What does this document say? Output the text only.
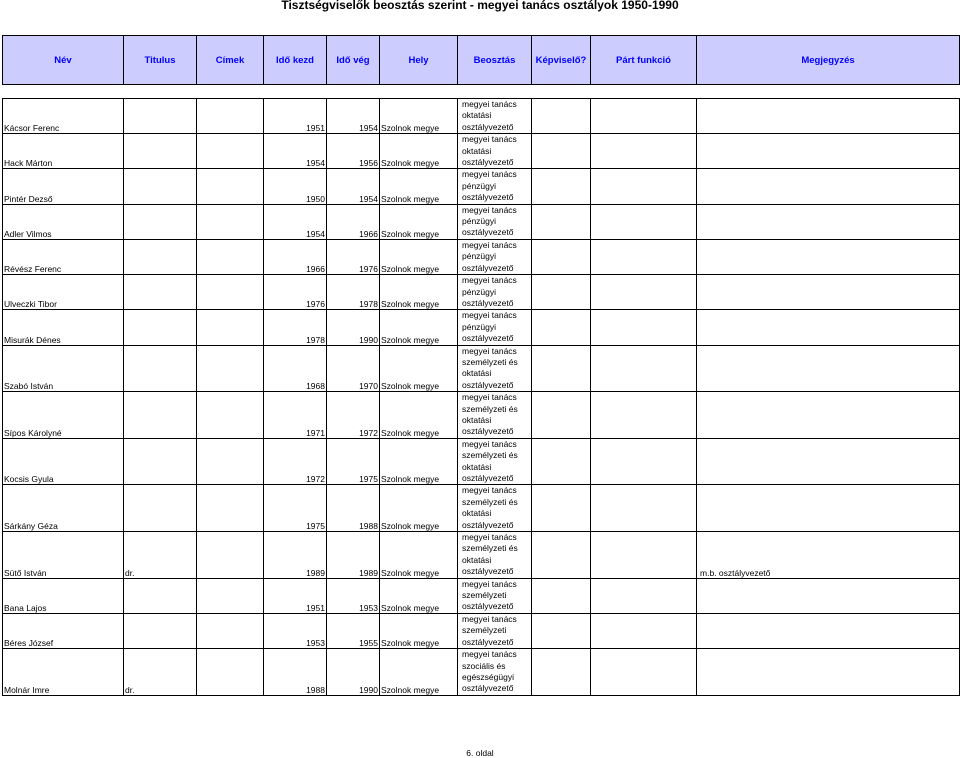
Tisztségviselők beosztás szerint - megyei tanács osztályok 1950-1990
Név	Titulus	Címek	Idő kezd	Idő vég	Hely	Beosztás	Képviselő?	Párt funkció	Megjegyzés

Kácsor Ferenc			1951	1954	Szolnok megye	megyei tanács
oktatási
osztályvezető			

Hack Márton			1954	1956	Szolnok megye	megyei tanács
oktatási
osztályvezető			

Pintér Dezső			1950	1954	Szolnok megye	megyei tanács
pénzügyi
osztályvezető			

Adler Vilmos			1954	1966	Szolnok megye	megyei tanács
pénzügyi
osztályvezető			

Révész Ferenc			1966	1976	Szolnok megye	megyei tanács
pénzügyi
osztályvezető			

Ulveczki Tibor			1976	1978	Szolnok megye	megyei tanács
pénzügyi
osztályvezető			

Misurák Dénes			1978	1990	Szolnok megye	megyei tanács
pénzügyi
osztályvezető			

Szabó István			1968	1970	Szolnok megye	megyei tanács
személyzeti és
oktatási
osztályvezető			

Sípos Károlyné			1971	1972	Szolnok megye	megyei tanács
személyzeti és
oktatási
osztályvezető			

Kocsis Gyula			1972	1975	Szolnok megye	megyei tanács
személyzeti és
oktatási
osztályvezető			

Sárkány Géza			1975	1988	Szolnok megye	megyei tanács
személyzeti és
oktatási
osztályvezető			

Sütő István	dr.		1989	1989	Szolnok megye	megyei tanács
személyzeti és
oktatási
osztályvezető			m.b. osztályvezető
Bana Lajos			1951	1953	Szolnok megye	megyei tanács
személyzeti
osztályvezető			

Béres József			1953	1955	Szolnok megye	megyei tanács
személyzeti
osztályvezető			

Molnár Imre	dr.		1988	1990	Szolnok megye	megyei tanács
szociális és
egészségügyi
osztályvezető			

6. oldal
